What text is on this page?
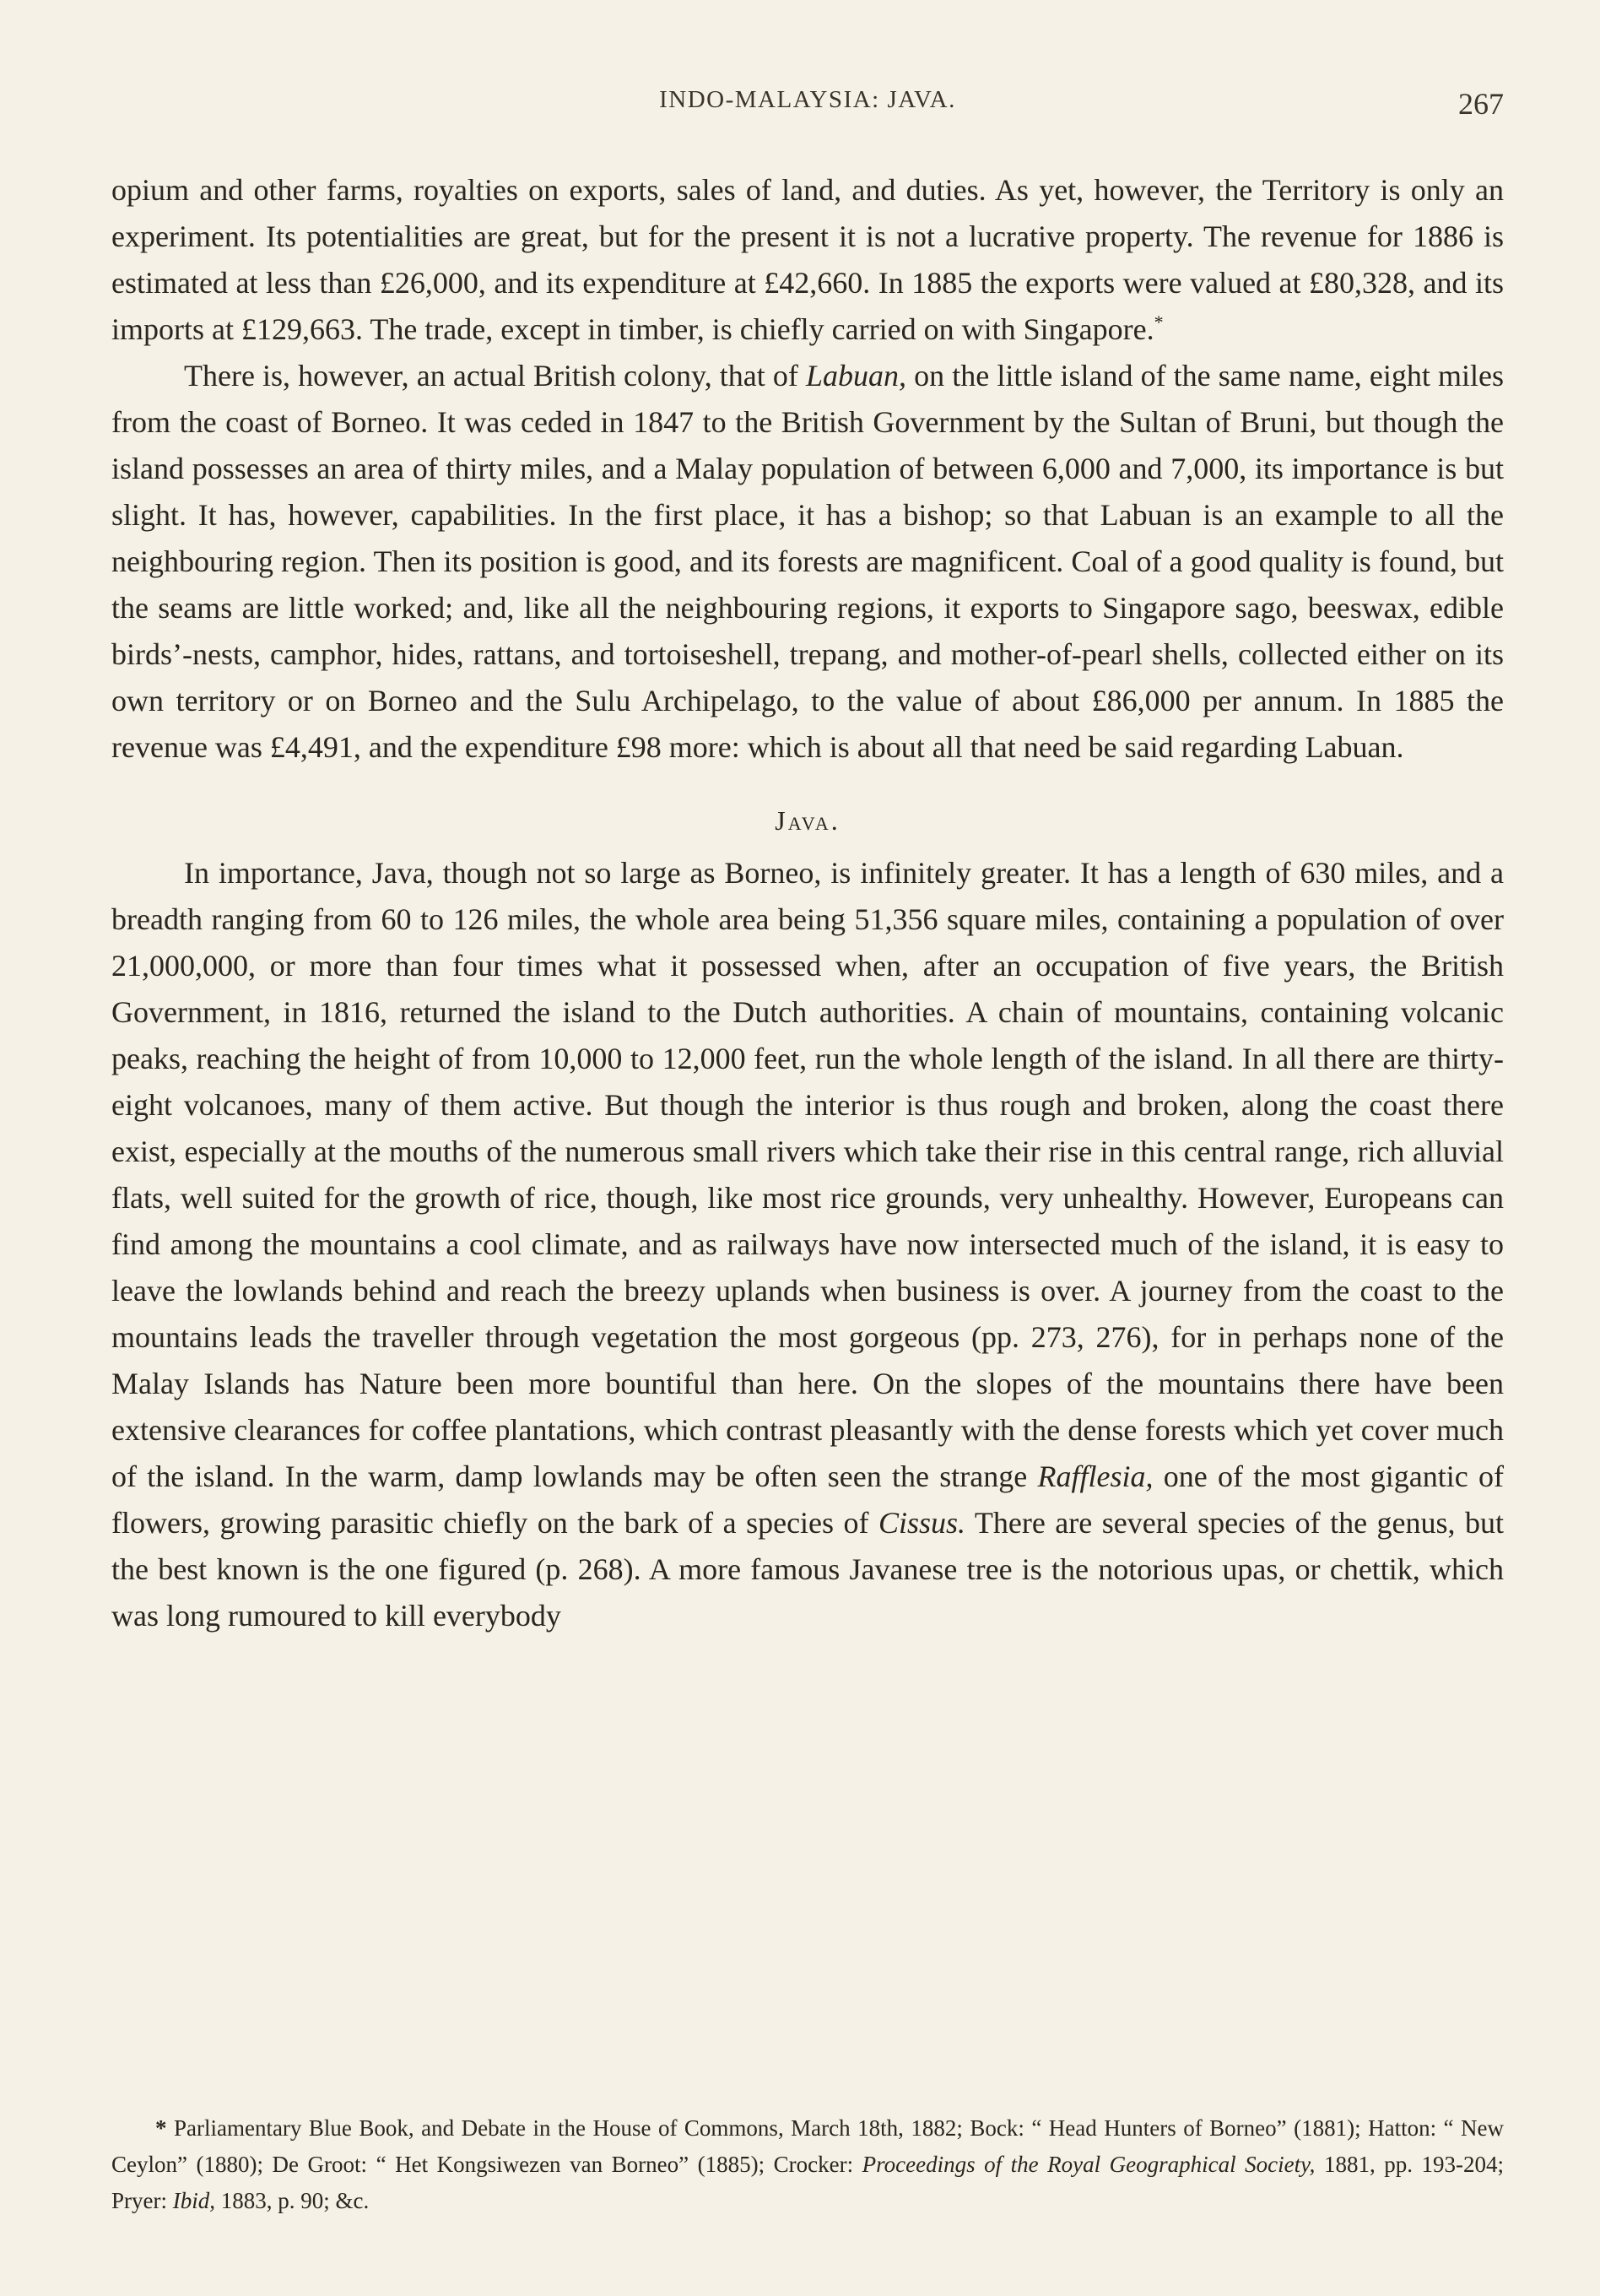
INDO-MALAYSIA: JAVA.	267

opium and other farms, royalties on exports, sales of land, and duties. As yet, however, the Territory is only an experiment. Its potentialities are great, but for the present it is not a lucrative property. The revenue for 1886 is estimated at less than £26,000, and its expenditure at £42,660. In 1885 the exports were valued at £80,328, and its imports at £129,663. The trade, except in timber, is chiefly carried on with Singapore.*

There is, however, an actual British colony, that of Labuan, on the little island of the same name, eight miles from the coast of Borneo. It was ceded in 1847 to the British Government by the Sultan of Bruni, but though the island possesses an area of thirty miles, and a Malay population of between 6,000 and 7,000, its importance is but slight. It has, however, capabilities. In the first place, it has a bishop; so that Labuan is an example to all the neighbouring region. Then its position is good, and its forests are magnificent. Coal of a good quality is found, but the seams are little worked; and, like all the neighbouring regions, it exports to Singapore sago, beeswax, edible birds’-nests, camphor, hides, rattans, and tortoiseshell, trepang, and mother-of-pearl shells, collected either on its own territory or on Borneo and the Sulu Archipelago, to the value of about £86,000 per annum. In 1885 the revenue was £4,491, and the expenditure £98 more: which is about all that need be said regarding Labuan.

Java.

In importance, Java, though not so large as Borneo, is infinitely greater. It has a length of 630 miles, and a breadth ranging from 60 to 126 miles, the whole area being 51,356 square miles, containing a population of over 21,000,000, or more than four times what it possessed when, after an occupation of five years, the British Government, in 1816, returned the island to the Dutch authorities. A chain of mountains, containing volcanic peaks, reaching the height of from 10,000 to 12,000 feet, run the whole length of the island. In all there are thirty-eight volcanoes, many of them active. But though the interior is thus rough and broken, along the coast there exist, especially at the mouths of the numerous small rivers which take their rise in this central range, rich alluvial flats, well suited for the growth of rice, though, like most rice grounds, very unhealthy. However, Europeans can find among the mountains a cool climate, and as railways have now intersected much of the island, it is easy to leave the lowlands behind and reach the breezy uplands when business is over. A journey from the coast to the mountains leads the traveller through vegetation the most gorgeous (pp. 273, 276), for in perhaps none of the Malay Islands has Nature been more bountiful than here. On the slopes of the mountains there have been extensive clearances for coffee plantations, which contrast pleasantly with the dense forests which yet cover much of the island. In the warm, damp lowlands may be often seen the strange Rafflesia, one of the most gigantic of flowers, growing parasitic chiefly on the bark of a species of Cissus. There are several species of the genus, but the best known is the one figured (p. 268). A more famous Javanese tree is the notorious upas, or chettik, which was long rumoured to kill everybody

* Parliamentary Blue Book, and Debate in the House of Commons, March 18th, 1882; Bock: “ Head Hunters of Borneo” (1881); Hatton: “ New Ceylon” (1880); De Groot: “ Het Kongsiwezen van Borneo” (1885); Crocker: Proceedings of the Royal Geographical Society, 1881, pp. 193-204; Pryer: Ibid, 1883, p. 90; &c.
